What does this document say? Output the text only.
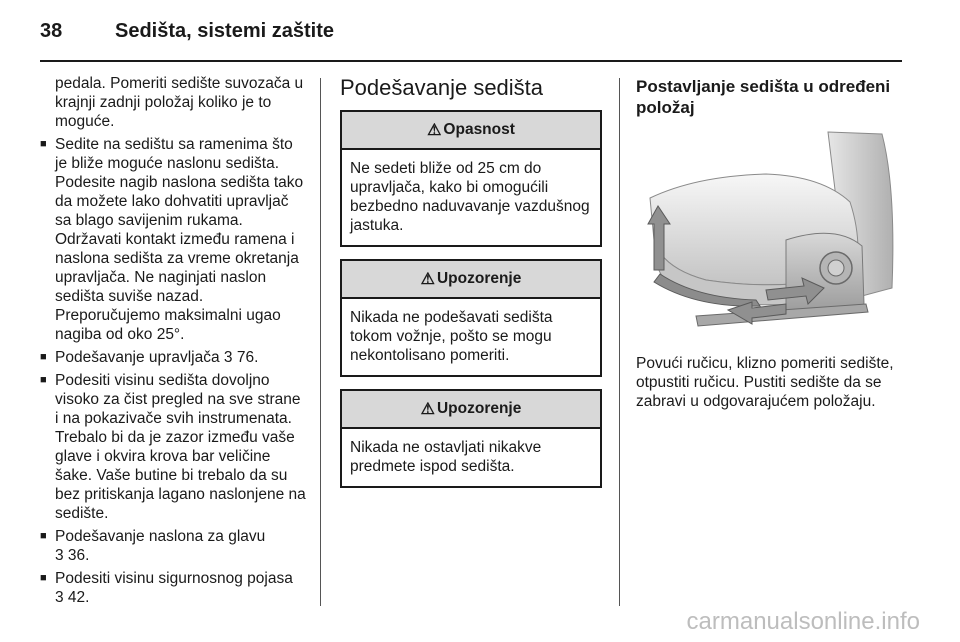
38	Sedišta, sistemi zaštite

pedala. Pomeriti sedište suvozača u krajnji zadnji položaj koliko je to moguće.

■ Sedite na sedištu sa ramenima što je bliže moguće naslonu sedišta. Podesite nagib naslona sedišta tako da možete lako dohvatiti upravljač sa blago savijenim rukama. Održavati kontakt između ramena i naslona sedišta za vreme okretanja upravljača. Ne naginjati naslon sedišta suviše nazad. Preporučujemo maksimalni ugao nagiba od oko 25°.
■ Podešavanje upravljača 3 76.
■ Podesiti visinu sedišta dovoljno visoko za čist pregled na sve strane i na pokazivače svih instrumenata. Trebalo bi da je zazor između vaše glave i okvira krova bar veličine šake. Vaše butine bi trebalo da su bez pritiskanja lagano naslonjene na sedište.
■ Podešavanje naslona za glavu
3 36.
■ Podesiti visinu sigurnosnog pojasa
3 42.
Podešavanje sedišta
⚠ Opasnost
Ne sedeti bliže od 25 cm do upravljača, kako bi omogućili bezbedno naduvavanje vazdušnog jastuka.
⚠ Upozorenje
Nikada ne podešavati sedišta tokom vožnje, pošto se mogu nekontolisano pomeriti.
⚠ Upozorenje
Nikada ne ostavljati nikakve predmete ispod sedišta.
Postavljanje sedišta u određeni položaj

Povući ručicu, klizno pomeriti sedište, otpustiti ručicu. Pustiti sedište da se zabravi u odgovarajućem položaju.

carmanualsonline.info
